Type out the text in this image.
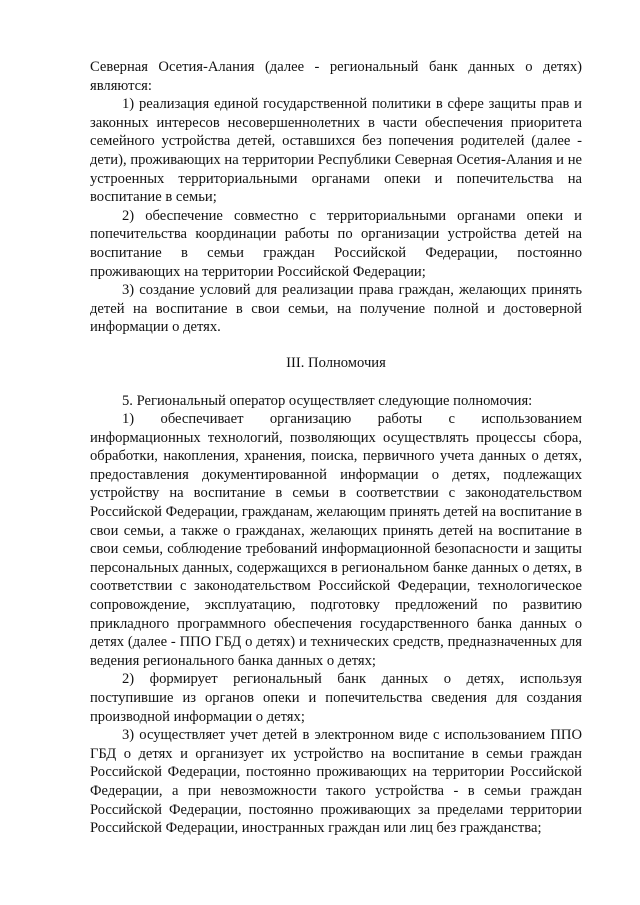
Северная Осетия-Алания (далее - региональный банк данных о детях) являются:

1) реализация единой государственной политики в сфере защиты прав и законных интересов несовершеннолетних в части обеспечения приоритета семейного устройства детей, оставшихся без попечения родителей (далее - дети), проживающих на территории Республики Северная Осетия-Алания и не устроенных территориальными органами опеки и попечительства на воспитание в семьи;

2) обеспечение совместно с территориальными органами опеки и попечительства координации работы по организации устройства детей на воспитание в семьи граждан Российской Федерации, постоянно проживающих на территории Российской Федерации;

3) создание условий для реализации права граждан, желающих принять детей на воспитание в свои семьи, на получение полной и достоверной информации о детях.

III. Полномочия

5. Региональный оператор осуществляет следующие полномочия:

1) обеспечивает организацию работы с использованием информационных технологий, позволяющих осуществлять процессы сбора, обработки, накопления, хранения, поиска, первичного учета данных о детях, предоставления документированной информации о детях, подлежащих устройству на воспитание в семьи в соответствии с законодательством Российской Федерации, гражданам, желающим принять детей на воспитание в свои семьи, а также о гражданах, желающих принять детей на воспитание в свои семьи, соблюдение требований информационной безопасности и защиты персональных данных, содержащихся в региональном банке данных о детях, в соответствии с законодательством Российской Федерации, технологическое сопровождение, эксплуатацию, подготовку предложений по развитию прикладного программного обеспечения государственного банка данных о детях (далее - ППО ГБД о детях) и технических средств, предназначенных для ведения регионального банка данных о детях;

2) формирует региональный банк данных о детях, используя поступившие из органов опеки и попечительства сведения для создания производной информации о детях;

3) осуществляет учет детей в электронном виде с использованием ППО ГБД о детях и организует их устройство на воспитание в семьи граждан Российской Федерации, постоянно проживающих на территории Российской Федерации, а при невозможности такого устройства - в семьи граждан Российской Федерации, постоянно проживающих за пределами территории Российской Федерации, иностранных граждан или лиц без гражданства;
